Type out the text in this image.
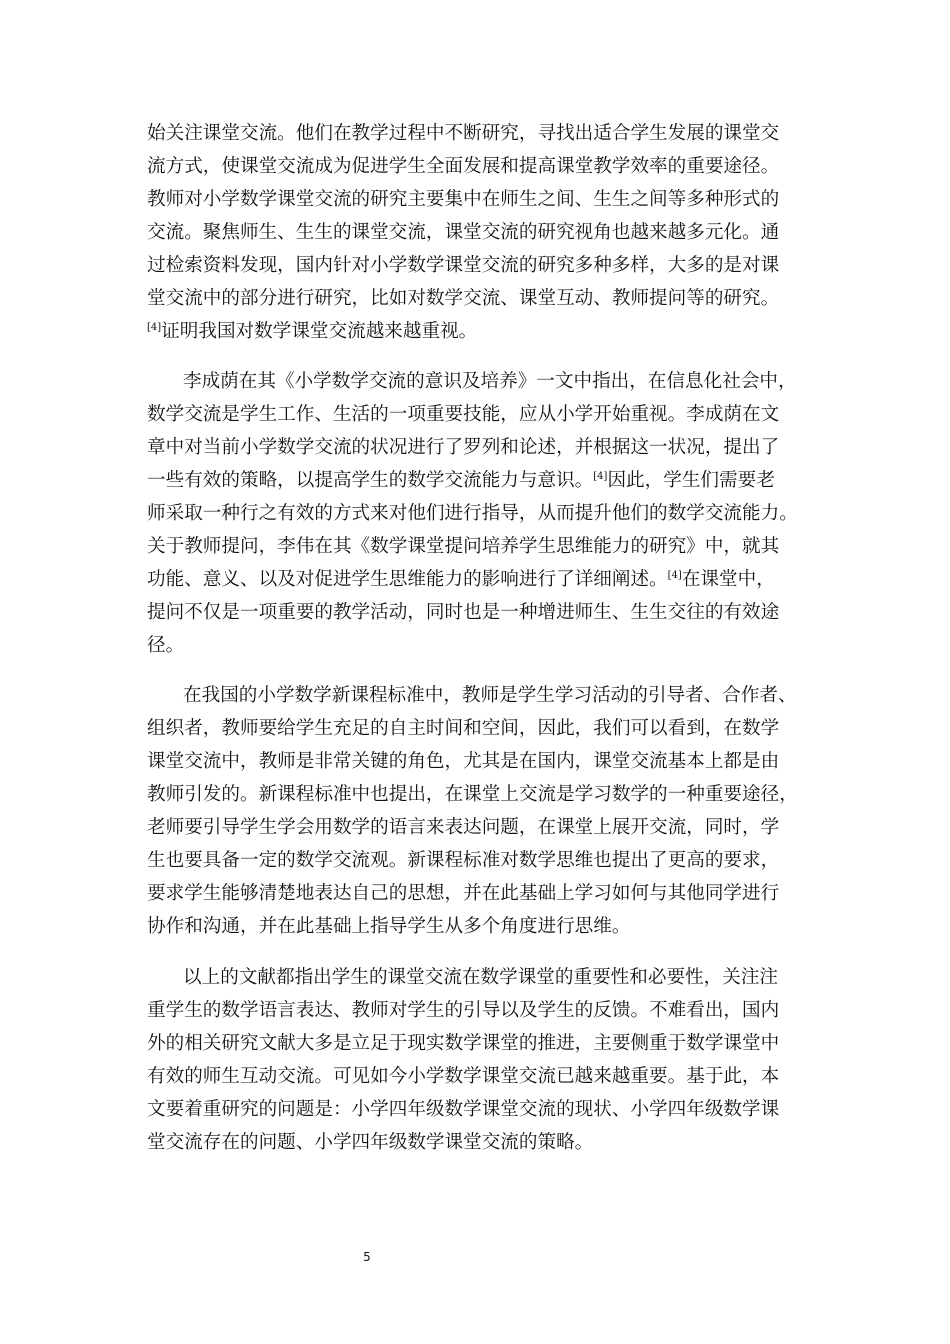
始关注课堂交流。他们在教学过程中不断研究，寻找出适合学生发展的课堂交
流方式，使课堂交流成为促进学生全面发展和提高课堂教学效率的重要途径。
教师对小学数学课堂交流的研究主要集中在师生之间、生生之间等多种形式的
交流。聚焦师生、生生的课堂交流，课堂交流的研究视角也越来越多元化。通
过检索资料发现，国内针对小学数学课堂交流的研究多种多样，大多的是对课
堂交流中的部分进行研究，比如对数学交流、课堂互动、教师提问等的研究。
[4]证明我国对数学课堂交流越来越重视。
李成荫在其《小学数学交流的意识及培养》一文中指出，在信息化社会中，
数学交流是学生工作、生活的一项重要技能，应从小学开始重视。李成荫在文
章中对当前小学数学交流的状况进行了罗列和论述，并根据这一状况，提出了
一些有效的策略，以提高学生的数学交流能力与意识。[4]因此，学生们需要老
师采取一种行之有效的方式来对他们进行指导，从而提升他们的数学交流能力。
关于教师提问，李伟在其《数学课堂提问培养学生思维能力的研究》中，就其
功能、意义、以及对促进学生思维能力的影响进行了详细阐述。[4]在课堂中，
提问不仅是一项重要的教学活动，同时也是一种增进师生、生生交往的有效途
径。
在我国的小学数学新课程标准中，教师是学生学习活动的引导者、合作者、
组织者，教师要给学生充足的自主时间和空间，因此，我们可以看到，在数学
课堂交流中，教师是非常关键的角色，尤其是在国内，课堂交流基本上都是由
教师引发的。新课程标准中也提出，在课堂上交流是学习数学的一种重要途径，
老师要引导学生学会用数学的语言来表达问题，在课堂上展开交流，同时，学
生也要具备一定的数学交流观。新课程标准对数学思维也提出了更高的要求，
要求学生能够清楚地表达自己的思想，并在此基础上学习如何与其他同学进行
协作和沟通，并在此基础上指导学生从多个角度进行思维。
以上的文献都指出学生的课堂交流在数学课堂的重要性和必要性，关注注
重学生的数学语言表达、教师对学生的引导以及学生的反馈。不难看出，国内
外的相关研究文献大多是立足于现实数学课堂的推进，主要侧重于数学课堂中
有效的师生互动交流。可见如今小学数学课堂交流已越来越重要。基于此，本
文要着重研究的问题是：小学四年级数学课堂交流的现状、小学四年级数学课
堂交流存在的问题、小学四年级数学课堂交流的策略。
5
